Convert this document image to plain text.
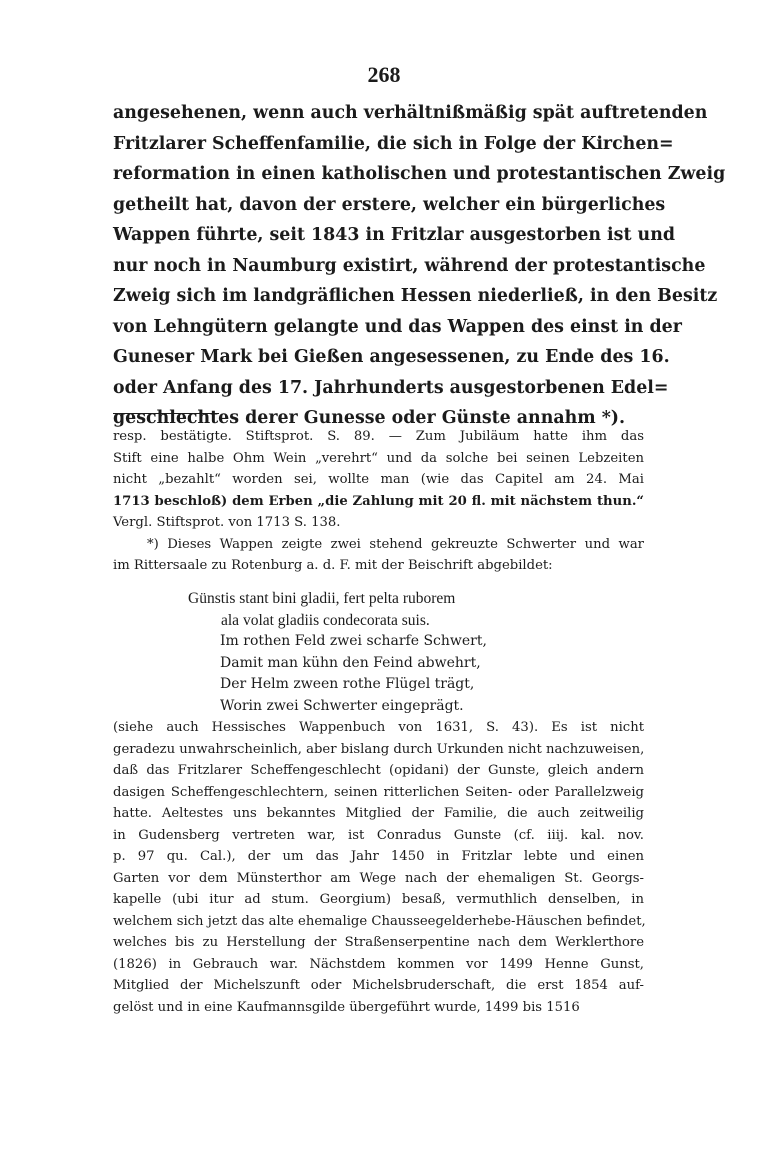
268
angesehenen, wenn auch verhältnißmäßig spät auftretenden
Fritzlarer Scheffenfamilie, die sich in Folge der Kirchen=
reformation in einen katholischen und protestantischen Zweig
getheilt hat, davon der erstere, welcher ein bürgerliches
Wappen führte, seit 1843 in Fritzlar ausgestorben ist und
nur noch in Naumburg existirt, während der protestantische
Zweig sich im landgräflichen Hessen niederließ, in den Besitz
von Lehngütern gelangte und das Wappen des einst in der
Guneser Mark bei Gießen angesessenen, zu Ende des 16.
oder Anfang des 17. Jahrhunderts ausgestorbenen Edel=
geschlechtes derer Gunesse oder Günste annahm *).
resp. bestätigte. Stiftsprot. S. 89. — Zum Jubiläum hatte ihm das
Stift eine halbe Ohm Wein „verehrt“ und da solche bei seinen Lebzeiten
nicht „bezahlt“ worden sei, wollte man (wie das Capitel am 24. Mai
1713 beschloß) dem Erben „die Zahlung mit 20 fl. mit nächstem thun.“
Vergl. Stiftsprot. von 1713 S. 138.
*) Dieses Wappen zeigte zwei stehend gekreuzte Schwerter und war
im Rittersaale zu Rotenburg a. d. F. mit der Beischrift abgebildet:
Günstis stant bini gladii, fert pelta ruborem
ala volat gladiis condecorata suis.
Im rothen Feld zwei scharfe Schwert,
Damit man kühn den Feind abwehrt,
Der Helm zween rothe Flügel trägt,
Worin zwei Schwerter eingeprägt.
(siehe auch Hessisches Wappenbuch von 1631, S. 43). Es ist nicht
geradezu unwahrscheinlich, aber bislang durch Urkunden nicht nachzuweisen,
daß das Fritzlarer Scheffengeschlecht (opidani) der Gunste, gleich andern
dasigen Scheffengeschlechtern, seinen ritterlichen Seiten- oder Parallelzweig
hatte. Aeltestes uns bekanntes Mitglied der Familie, die auch zeitweilig
in Gudensberg vertreten war, ist Conradus Gunste (cf. iiij. kal. nov.
p. 97 qu. Cal.), der um das Jahr 1450 in Fritzlar lebte und einen
Garten vor dem Münsterthor am Wege nach der ehemaligen St. Georgs-
kapelle (ubi itur ad stum. Georgium) besaß, vermuthlich denselben, in
welchem sich jetzt das alte ehemalige Chausseegelderhebe-Häuschen befindet,
welches bis zu Herstellung der Straßenserpentine nach dem Werklerthore
(1826) in Gebrauch war. Nächstdem kommen vor 1499 Henne Gunst,
Mitglied der Michelszunft oder Michelsbruderschaft, die erst 1854 auf-
gelöst und in eine Kaufmannsgilde übergeführt wurde, 1499 bis 1516
